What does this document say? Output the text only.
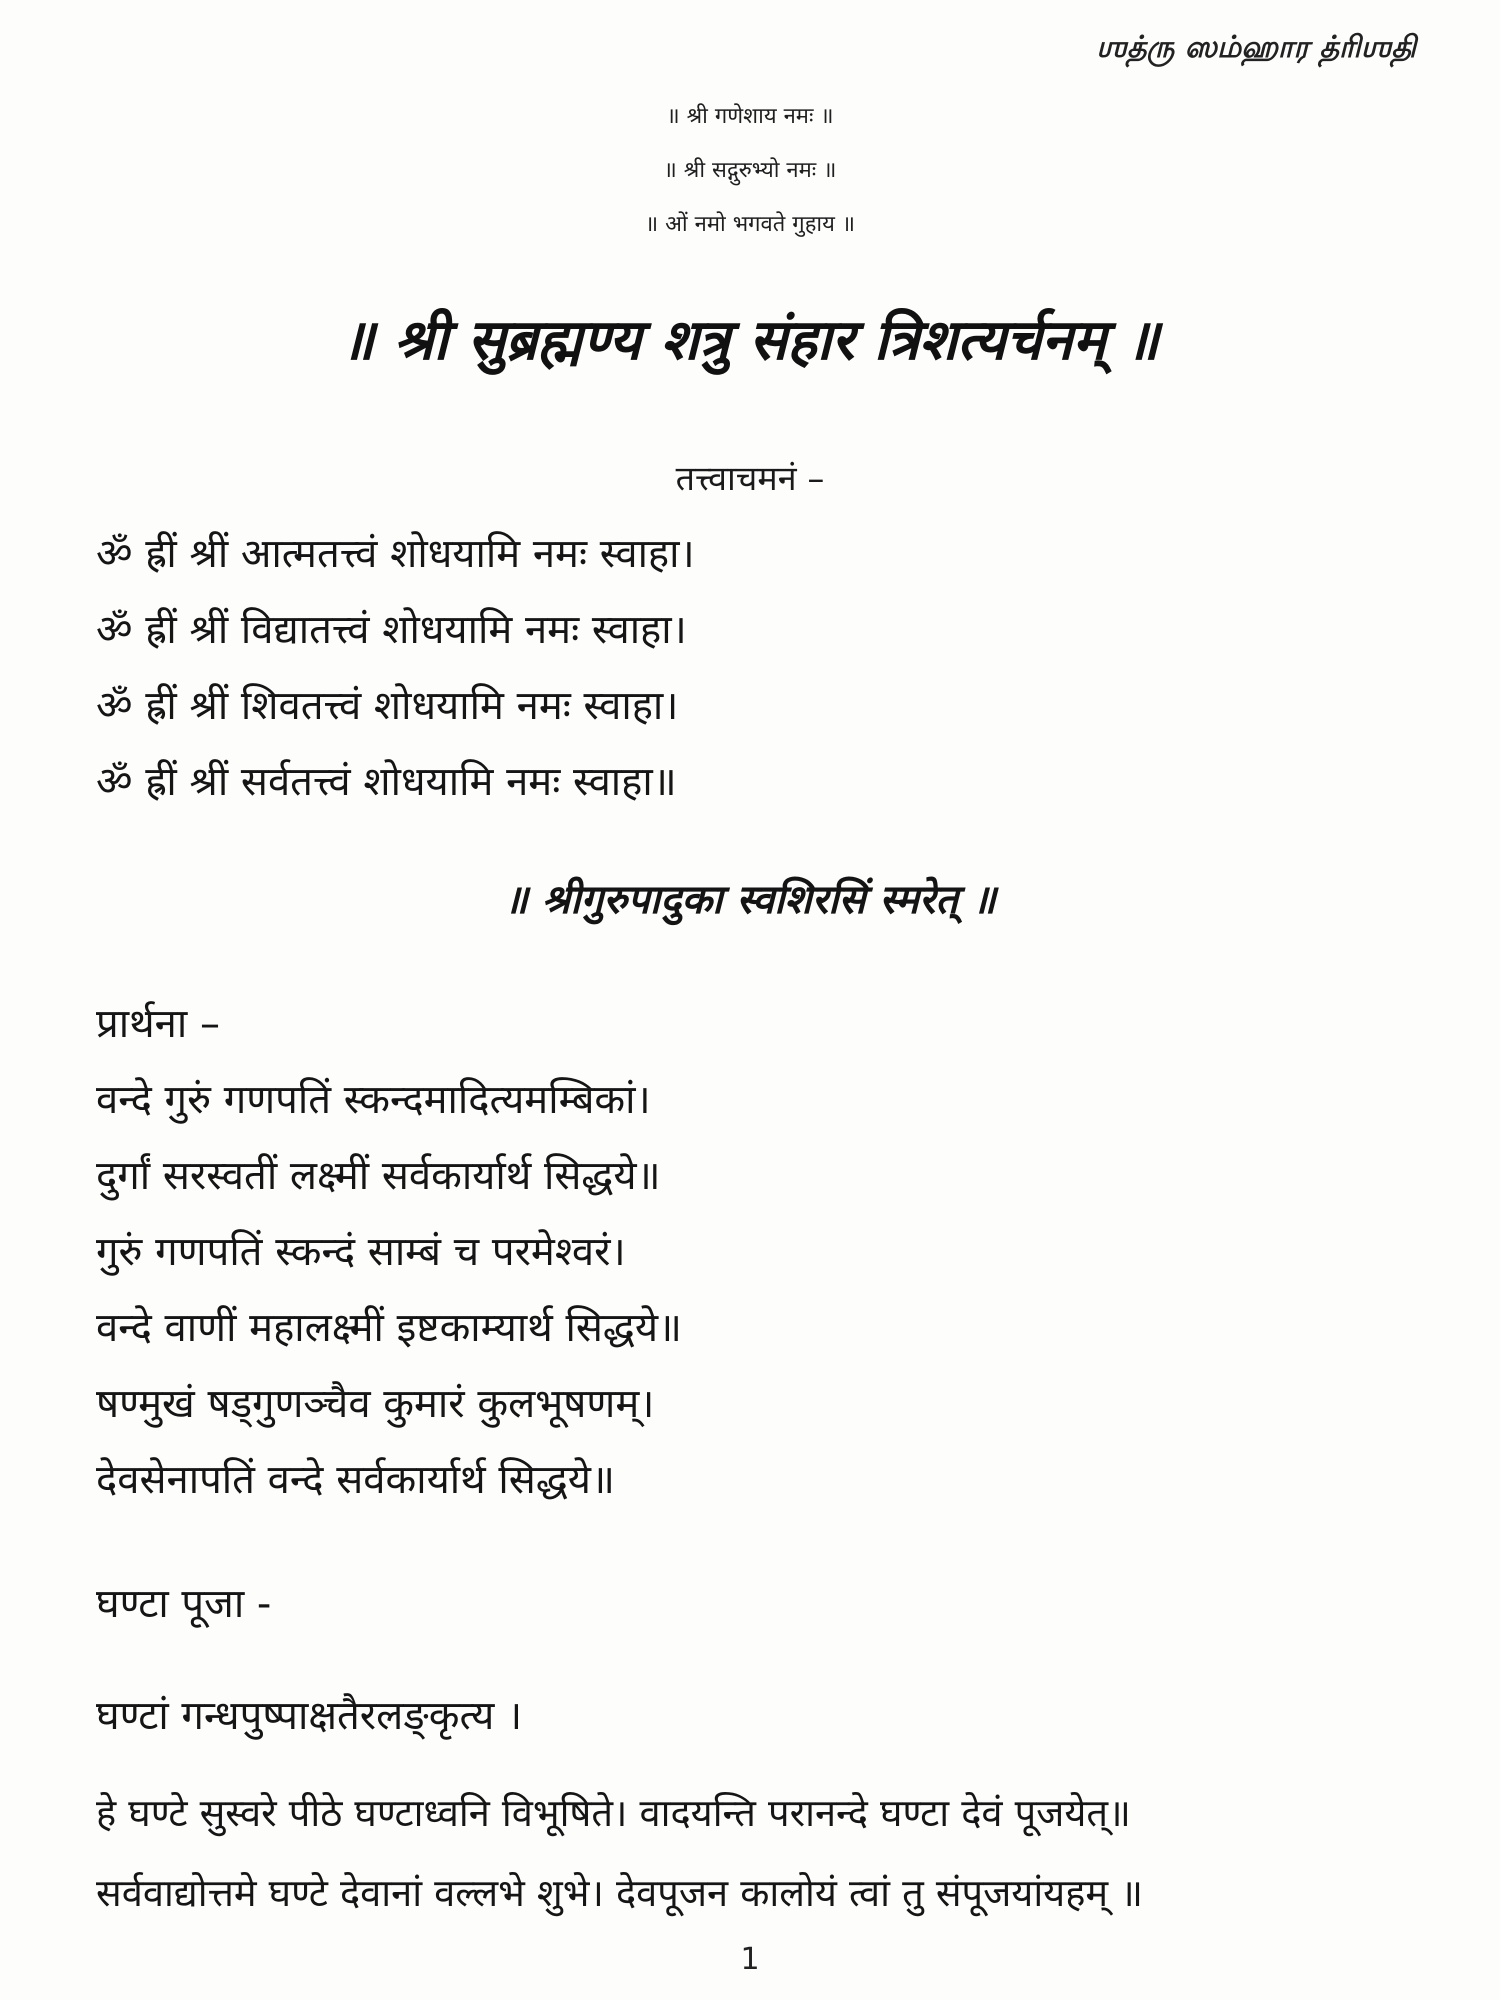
ஶத்ரு ஸம்ஹார த்ரிஶதி
॥ श्री गणेशाय नमः ॥
॥ श्री सद्गुरुभ्यो नमः ॥
॥ ओं नमो भगवते गुहाय ॥
॥ श्री सुब्रह्मण्य शत्रु संहार त्रिशत्यर्चनम् ॥
तत्त्वाचमनं –
ॐ ह्रीं श्रीं आत्मतत्त्वं शोधयामि नमः स्वाहा।
ॐ ह्रीं श्रीं विद्यातत्त्वं शोधयामि नमः स्वाहा।
ॐ ह्रीं श्रीं शिवतत्त्वं शोधयामि नमः स्वाहा।
ॐ ह्रीं श्रीं सर्वतत्त्वं शोधयामि नमः स्वाहा॥
॥ श्रीगुरुपादुका स्वशिरसिं स्मरेत् ॥
प्रार्थना –
वन्दे गुरुं गणपतिं स्कन्दमादित्यमम्बिकां।
दुर्गां सरस्वतीं लक्ष्मीं सर्वकार्यार्थ सिद्धये॥
गुरुं गणपतिं स्कन्दं साम्बं च परमेश्वरं।
वन्दे वाणीं महालक्ष्मीं इष्टकाम्यार्थ सिद्धये॥
षण्मुखं षड्गुणञ्चैव कुमारं कुलभूषणम्।
देवसेनापतिं वन्दे सर्वकार्यार्थ सिद्धये॥
घण्टा पूजा -
घण्टां गन्धपुष्पाक्षतैरलङ्कृत्य ।
हे घण्टे सुस्वरे पीठे घण्टाध्वनि विभूषिते। वादयन्ति परानन्दे घण्टा देवं पूजयेत्॥
सर्ववाद्योत्तमे घण्टे देवानां वल्लभे शुभे। देवपूजन कालोयं त्वां तु संपूजयांयहम् ॥
1
